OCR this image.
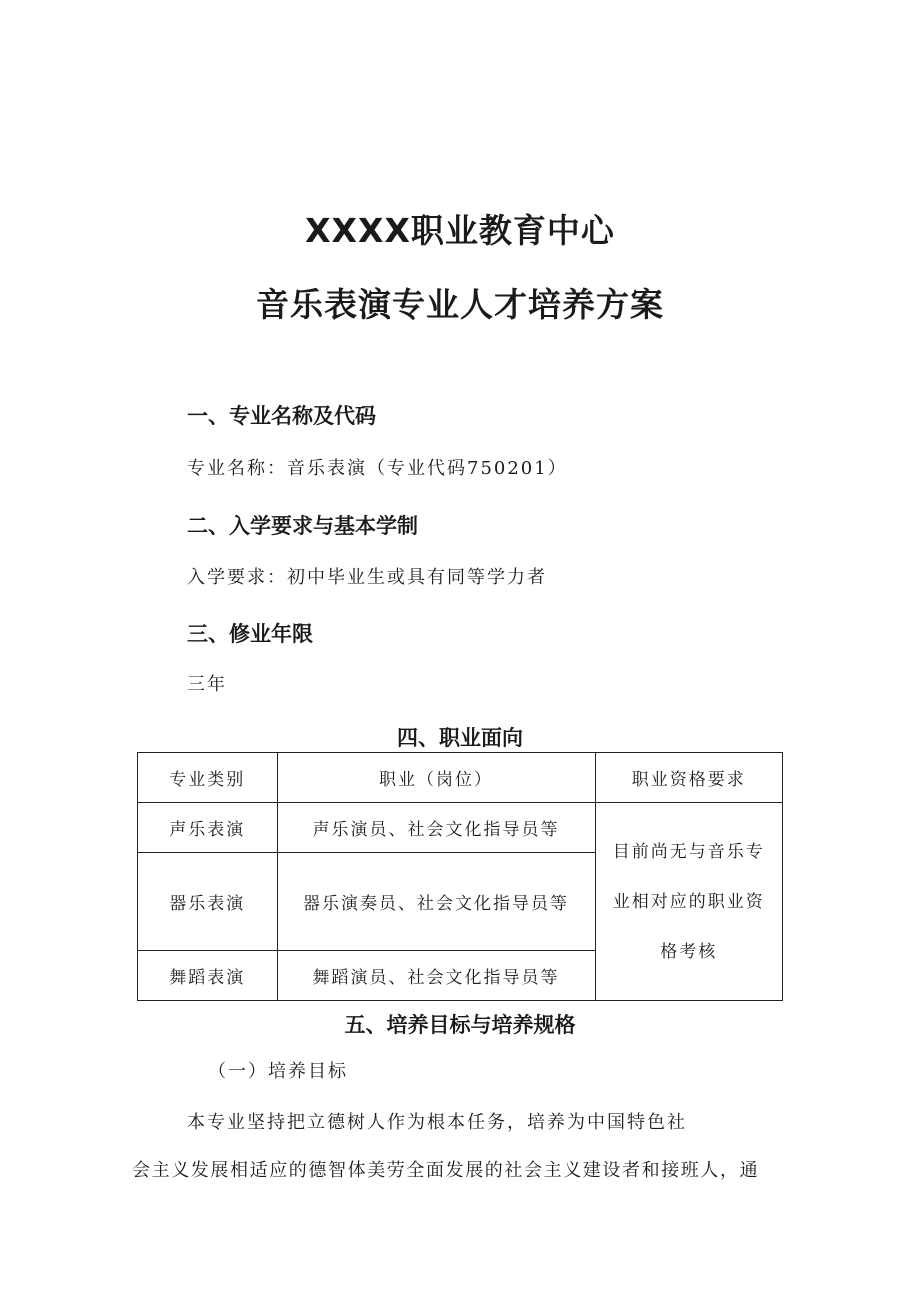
XXXX职业教育中心
音乐表演专业人才培养方案
一、专业名称及代码
专业名称：音乐表演（专业代码750201）
二、入学要求与基本学制
入学要求：初中毕业生或具有同等学力者
三、修业年限
三年
四、职业面向
专业类别	职业（岗位）	职业资格要求
声乐表演	声乐演员、社会文化指导员等	目前尚无与音乐专业相对应的职业资格考核

器乐表演	器乐演奏员、社会文化指导员等	
舞蹈表演	舞蹈演员、社会文化指导员等	
五、培养目标与培养规格
（一）培养目标
本专业坚持把立德树人作为根本任务，培养为中国特色社
会主义发展相适应的德智体美劳全面发展的社会主义建设者和接班人，通
